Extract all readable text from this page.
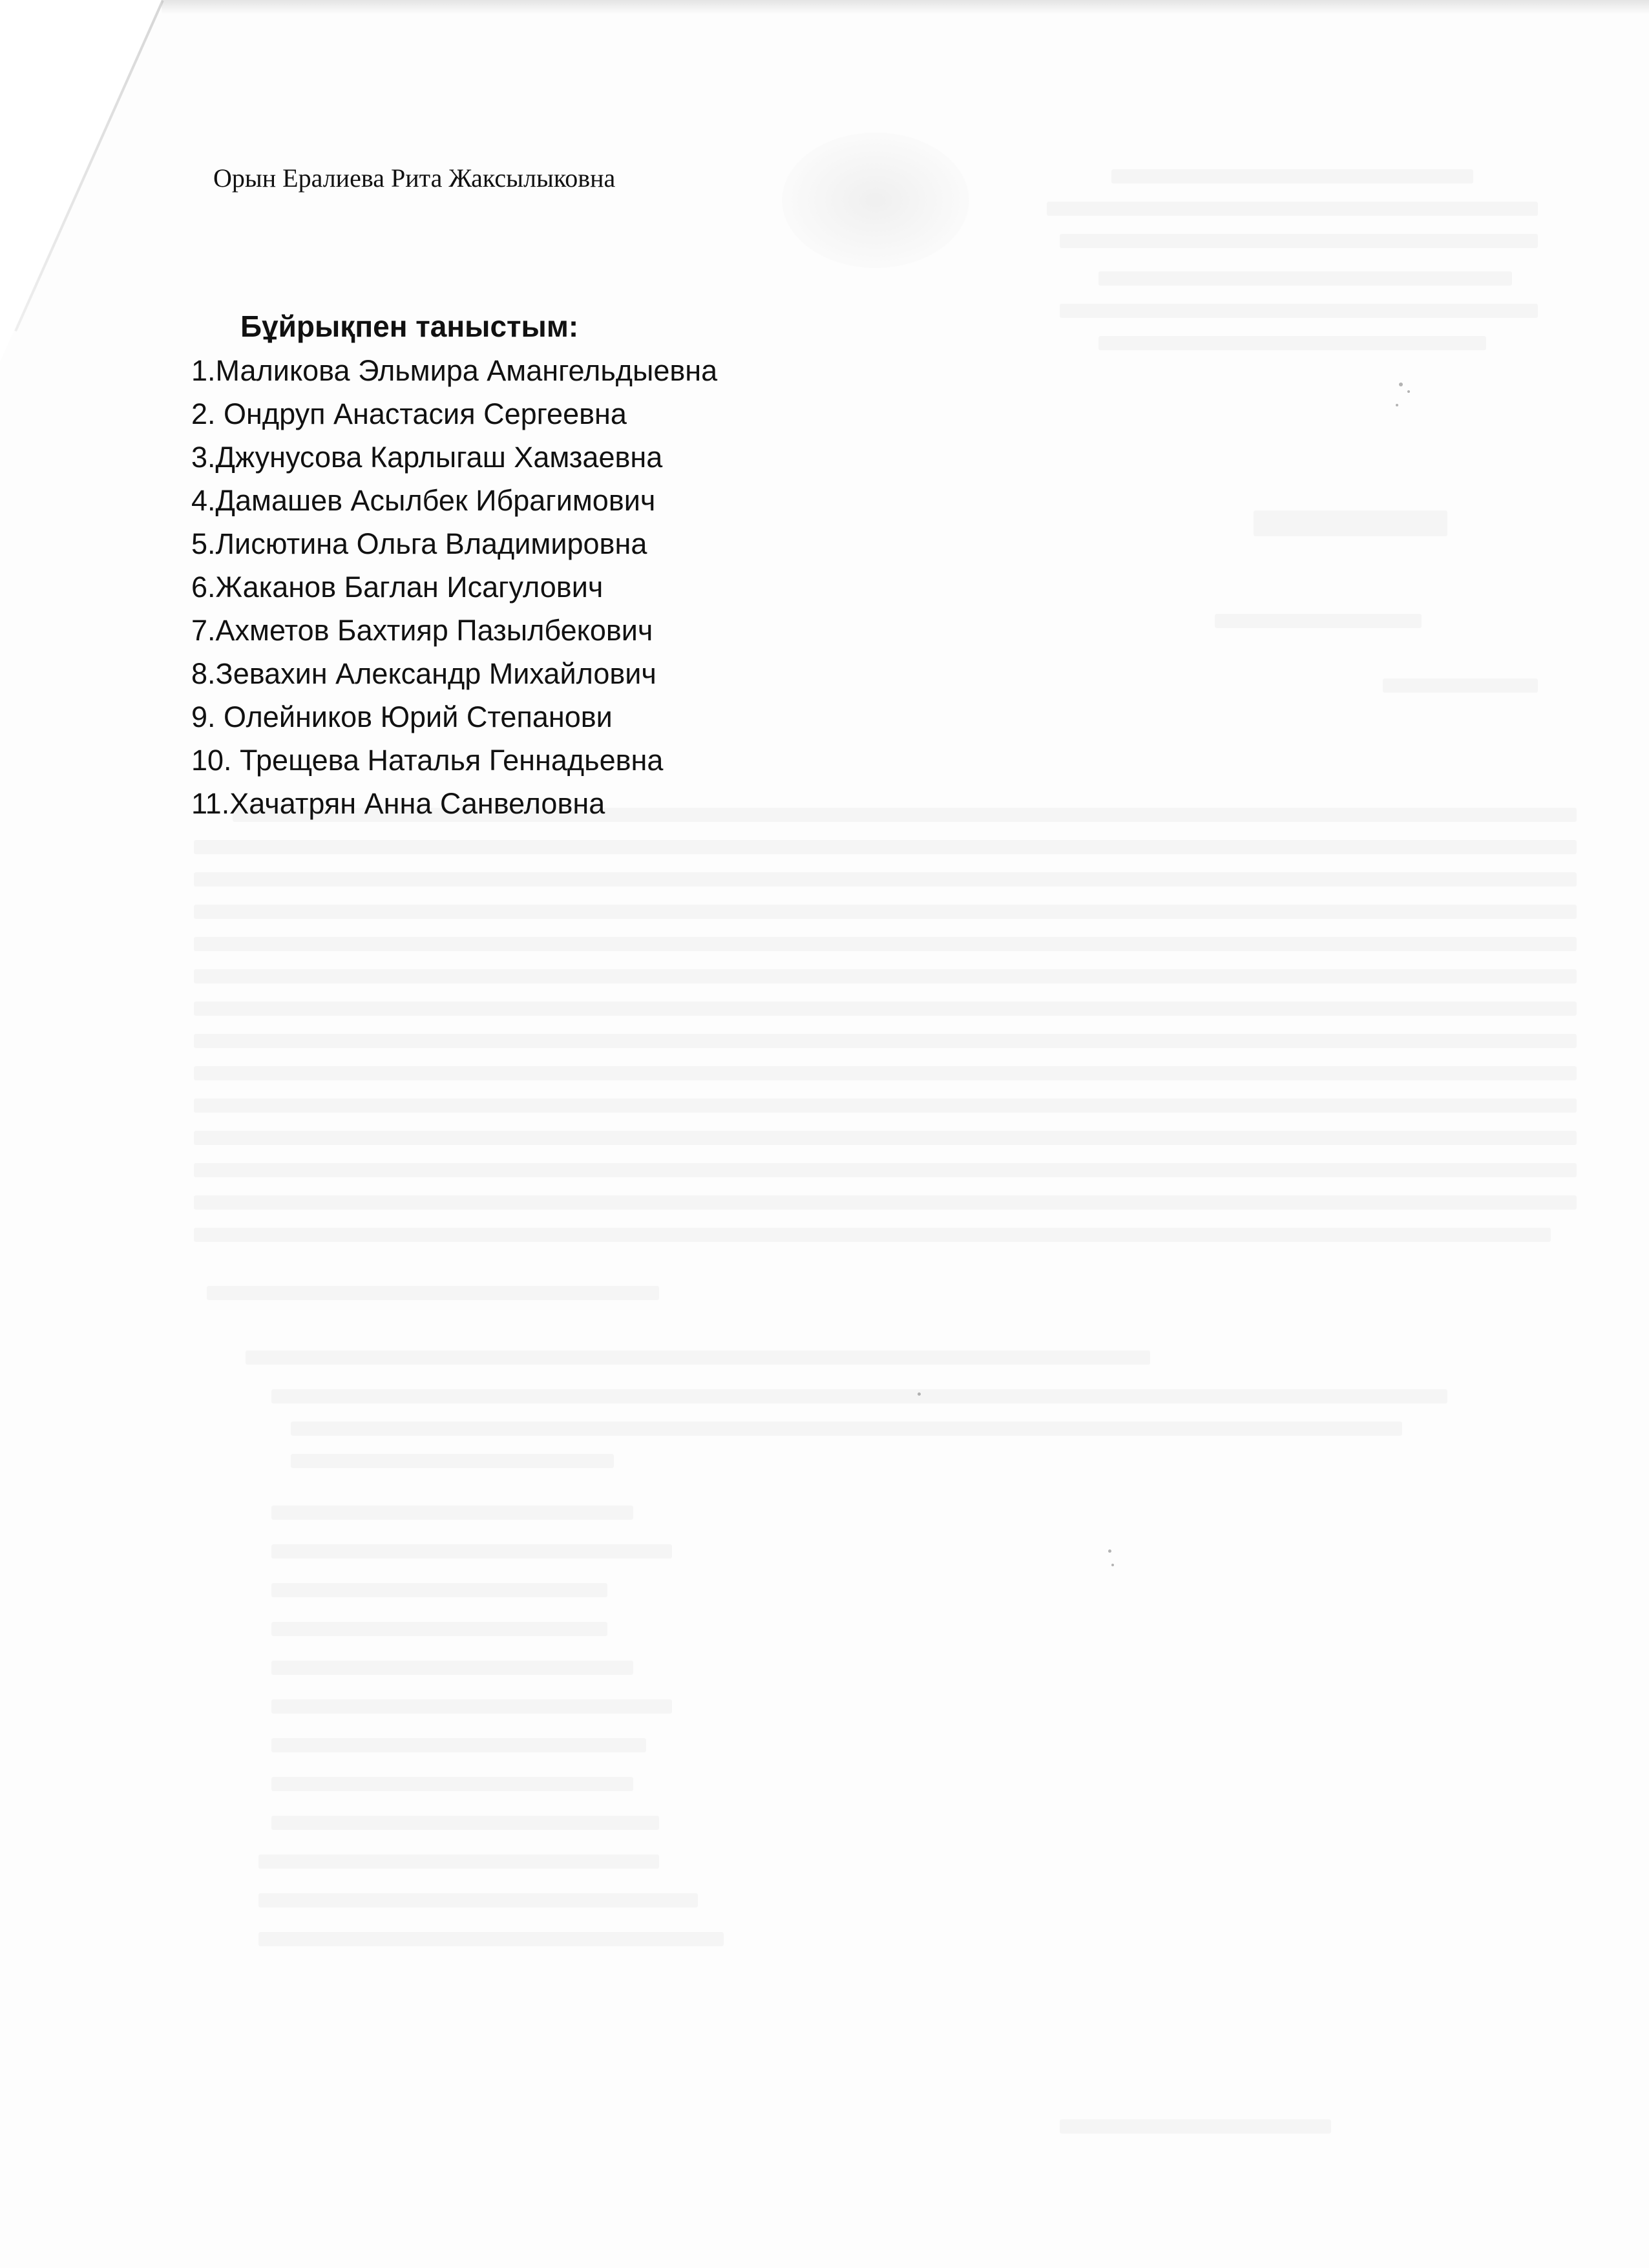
Орын Ералиева Рита Жаксылыковна
Бұйрықпен таныстым:
1.Маликова Эльмира Амангельдыевна
2. Ондруп Анастасия Сергеевна
3.Джунусова Карлыгаш Хамзаевна
4.Дамашев Асылбек Ибрагимович
5.Лисютина Ольга Владимировна
6.Жаканов Баглан Исагулович
7.Ахметов Бахтияр Пазылбекович
8.Зевахин Александр Михайлович
9. Олейников Юрий Степанови
10. Трещева Наталья Геннадьевна
11.Хачатрян Анна Санвеловна
